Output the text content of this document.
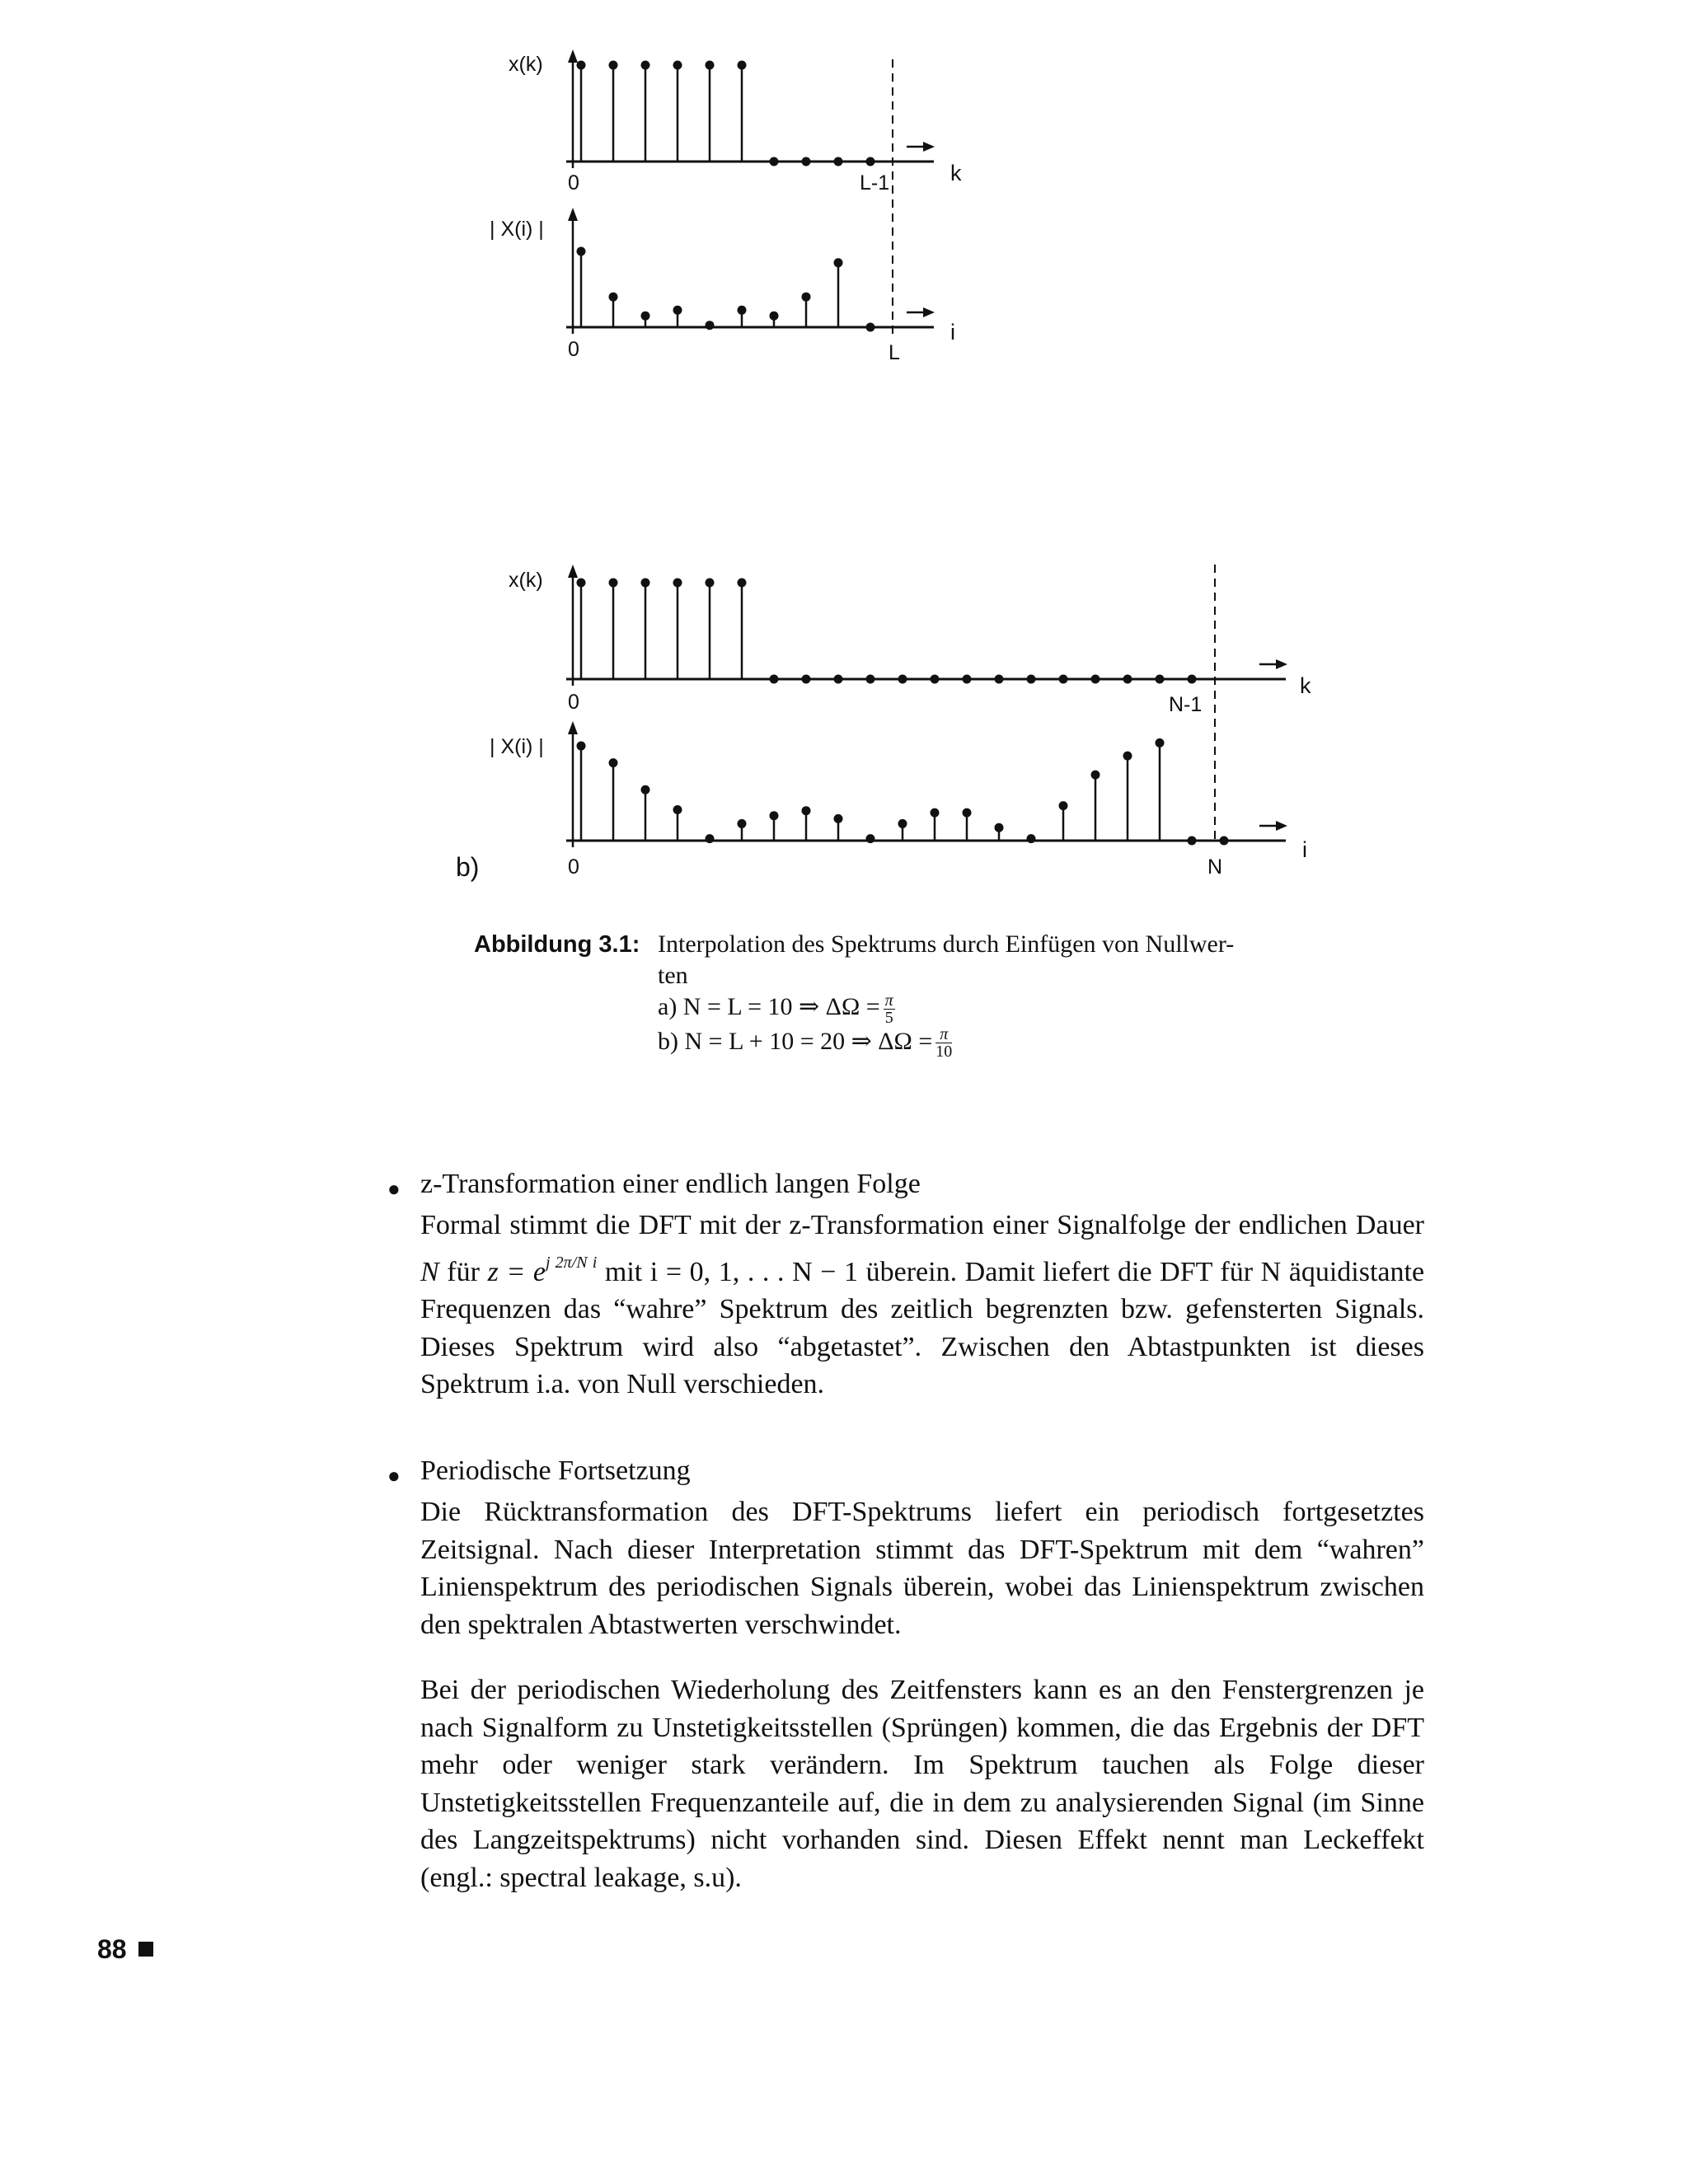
x(k)
0	L-1	k
| X(i) |
0	L
i
x(k)
0	N-1
k
| X(i) |
0	N
i
b)
Abbildung 3.1: Interpolation des Spektrums durch Einfügen von Nullwer-
ten
a) N = L = 10 ⇒ $\Delta\Omega = \frac{\pi}{5}$
b) N = L + 10 = 20 ⇒ $\Delta\Omega = \frac{\pi}{10}$
● z-Transformation einer endlich langen Folge

Formal stimmt die DFT mit der z-Transformation einer Signalfolge der endlichen Dauer N für $z = e^{j 2\pi/N i}$ mit i = 0, 1, . . . N − 1 überein. Damit liefert die DFT für N äquidistante Frequenzen das “wahre” Spektrum des zeitlich begrenzten bzw. gefensterten Signals. Dieses Spektrum wird also “abgetastet”. Zwischen den Abtastpunkten ist dieses Spektrum i.a. von Null verschieden.

● Periodische Fortsetzung

Die Rücktransformation des DFT-Spektrums liefert ein periodisch fortgesetztes Zeitsignal. Nach dieser Interpretation stimmt das DFT-Spektrum mit dem “wahren” Linienspektrum des periodischen Signals überein, wobei das Linienspektrum zwischen den spektralen Abtastwerten verschwindet.

Bei der periodischen Wiederholung des Zeitfensters kann es an den Fenstergrenzen je nach Signalform zu Unstetigkeitsstellen (Sprüngen) kommen, die das Ergebnis der DFT mehr oder weniger stark verändern. Im Spektrum tauchen als Folge dieser Unstetigkeitsstellen Frequenzanteile auf, die in dem zu analysierenden Signal (im Sinne des Langzeitspektrums) nicht vorhanden sind. Diesen Effekt nennt man Leckeffekt (engl.: spectral leakage, s.u).

88
